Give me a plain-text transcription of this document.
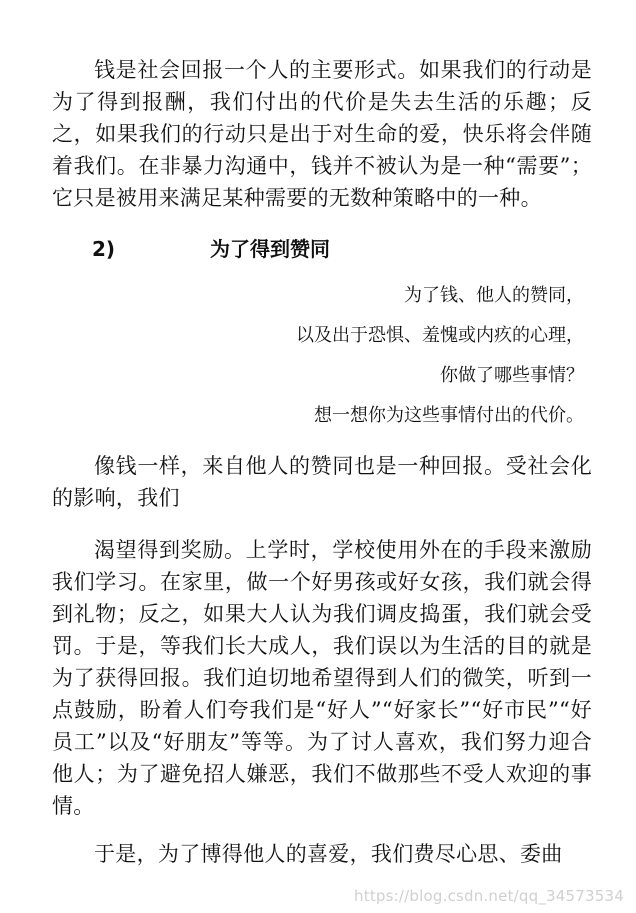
钱是社会回报一个人的主要形式。如果我们的行动是为了得到报酬，我们付出的代价是失去生活的乐趣；反之，如果我们的行动只是出于对生命的爱，快乐将会伴随着我们。在非暴力沟通中，钱并不被认为是一种“需要”；它只是被用来满足某种需要的无数种策略中的一种。

2)	为了得到赞同

为了钱、他人的赞同，

以及出于恐惧、羞愧或内疚的心理，

你做了哪些事情？

想一想你为这些事情付出的代价。

像钱一样，来自他人的赞同也是一种回报。受社会化的影响，我们

渴望得到奖励。上学时，学校使用外在的手段来激励我们学习。在家里，做一个好男孩或好女孩，我们就会得到礼物；反之，如果大人认为我们调皮捣蛋，我们就会受罚。于是，等我们长大成人，我们误以为生活的目的就是为了获得回报。我们迫切地希望得到人们的微笑，听到一点鼓励，盼着人们夸我们是“好人”“好家长”“好市民”“好员工”以及“好朋友”等等。为了讨人喜欢，我们努力迎合他人；为了避免招人嫌恶，我们不做那些不受人欢迎的事情。

于是，为了博得他人的喜爱，我们费尽心思、委曲

https://blog.csdn.net/qq_34573534
